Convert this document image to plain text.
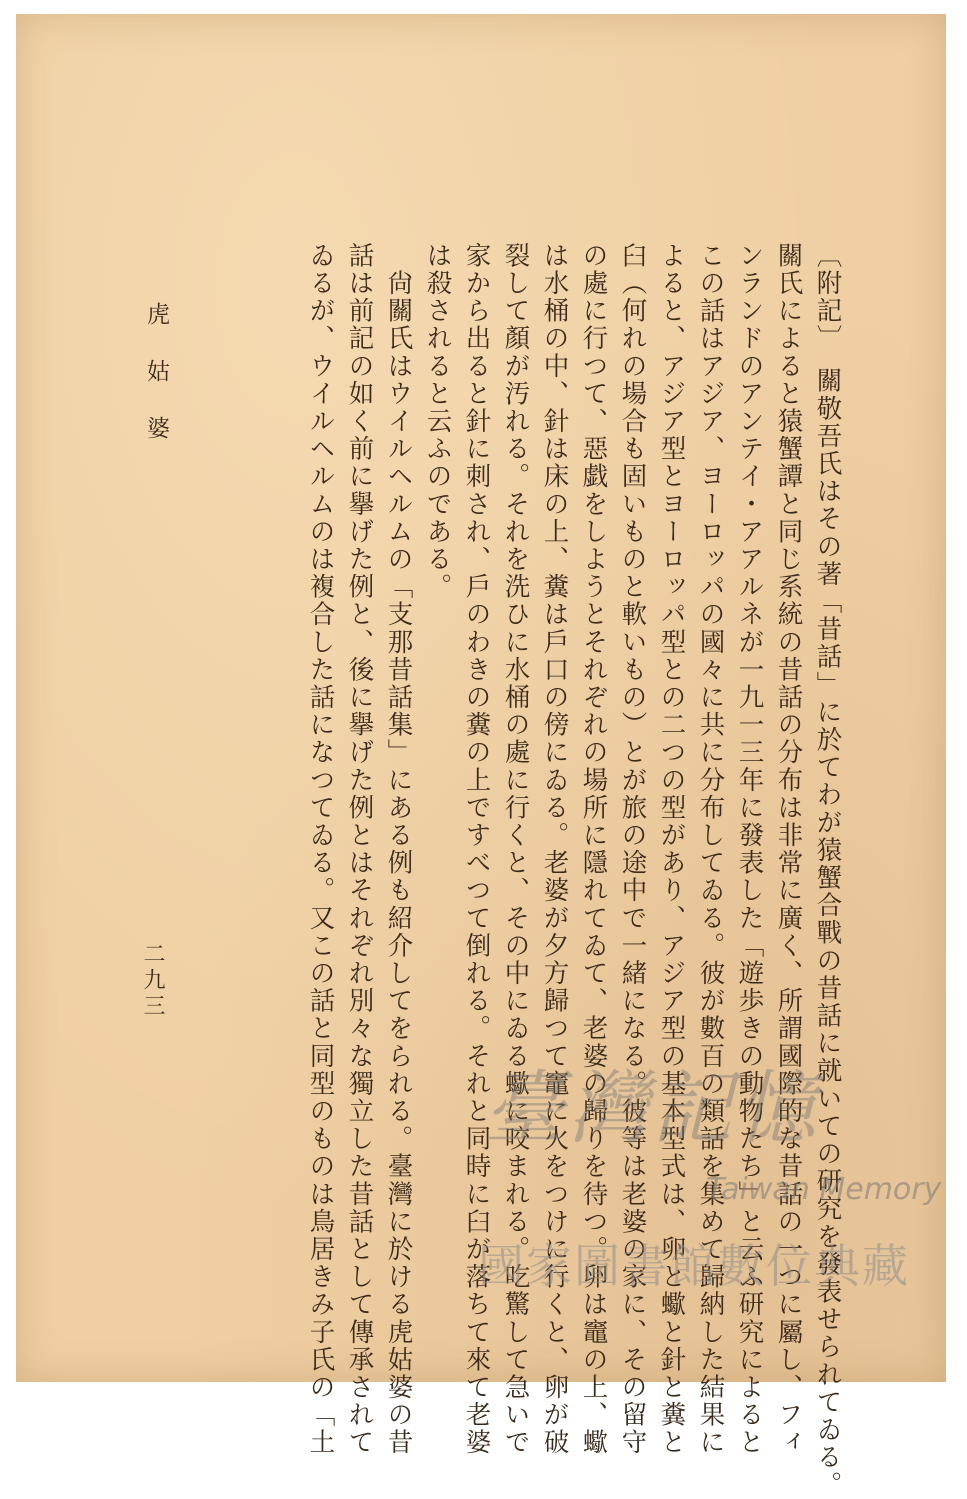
〔附記〕　關敬吾氏はその著「昔話」に於てわが猿蟹合戰の昔話に就いての研究を發表せられてゐる。
關氏によると猿蟹譚と同じ系統の昔話の分布は非常に廣く、所謂國際的な昔話の一つに屬し、フィ
ンランドのアンテイ・アアルネが一九一三年に發表した「遊歩きの動物たち」と云ふ研究によると
この話はアジア、ヨーロッパの國々に共に分布してゐる。彼が數百の類話を集めて歸納した結果に
よると、アジア型とヨーロッパ型との二つの型があり、アジア型の基本型式は、卵と蠍と針と糞と
臼（何れの場合も固いものと軟いもの）とが旅の途中で一緒になる。彼等は老婆の家に、その留守
の處に行つて、惡戯をしようとそれぞれの場所に隱れてゐて、老婆の歸りを待つ。卵は竈の上、蠍
は水桶の中、針は床の上、糞は戶口の傍にゐる。老婆が夕方歸つて竈に火をつけに行くと、卵が破
裂して顏が汚れる。それを洗ひに水桶の處に行くと、その中にゐる蠍に咬まれる。吃驚して急いで
家から出ると針に刺され、戶のわきの糞の上ですべつて倒れる。それと同時に臼が落ちて來て老婆
は殺されると云ふのである。
　尙關氏はウイルヘルムの「支那昔話集」にある例も紹介してをられる。臺灣に於ける虎姑婆の昔
話は前記の如く前に擧げた例と、後に擧げた例とはそれぞれ別々な獨立した昔話として傳承されて
ゐるが、ウイルヘルムのは複合した話になつてゐる。又この話と同型のものは鳥居きみ子氏の「土
虎姑婆
二九三
臺灣記憶
Taiwan Memory
國家圖書館數位典藏
